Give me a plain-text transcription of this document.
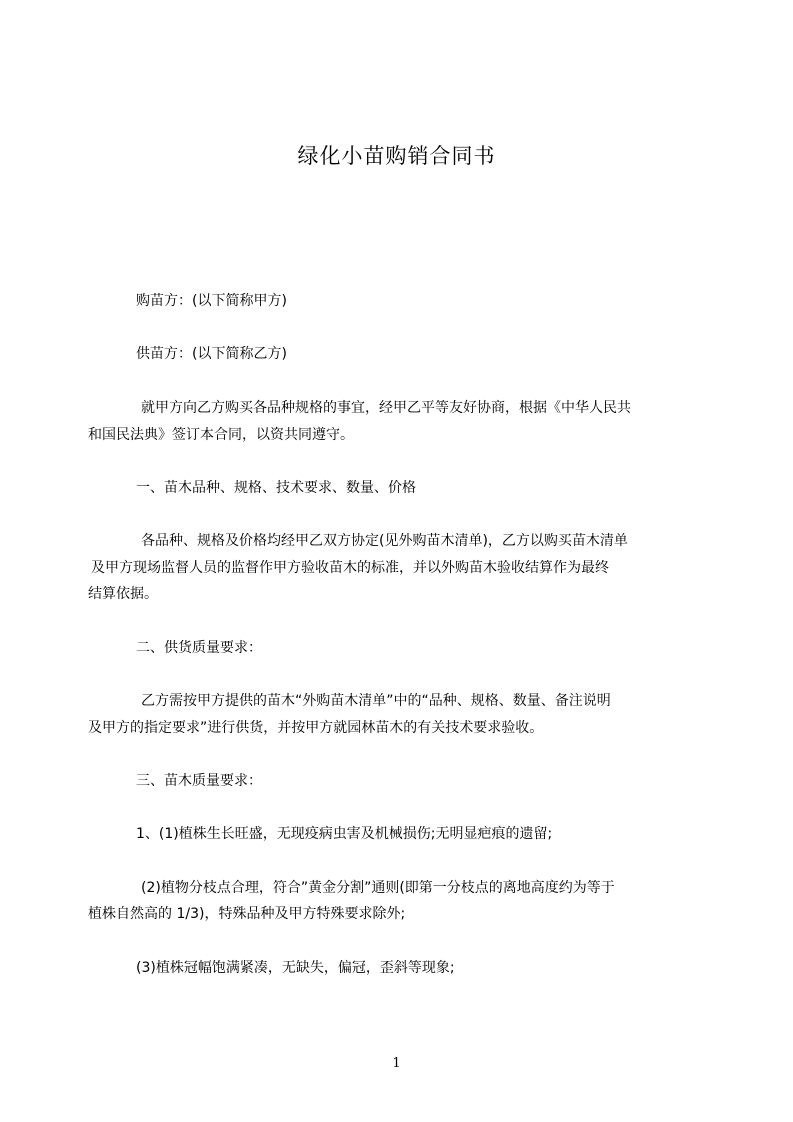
绿化小苗购销合同书
购苗方：(以下简称甲方)
供苗方：(以下简称乙方)
就甲方向乙方购买各品种规格的事宜，经甲乙平等友好协商，根据《中华人民共
和国民法典》签订本合同，以资共同遵守。
一、苗木品种、规格、技术要求、数量、价格
各品种、规格及价格均经甲乙双方协定(见外购苗木清单)，乙方以购买苗木清单
及甲方现场监督人员的监督作甲方验收苗木的标准，并以外购苗木验收结算作为最终
结算依据。
二、供货质量要求：
乙方需按甲方提供的苗木“外购苗木清单”中的“品种、规格、数量、备注说明
及甲方的指定要求”进行供货，并按甲方就园林苗木的有关技术要求验收。
三、苗木质量要求：
1、(1)植株生长旺盛，无现疫病虫害及机械损伤;无明显疤痕的遗留;
(2)植物分枝点合理，符合”黄金分割”通则(即第一分枝点的离地高度约为等于
植株自然高的 1/3)，特殊品种及甲方特殊要求除外;
(3)植株冠幅饱满紧凑，无缺失，偏冠，歪斜等现象;
1
